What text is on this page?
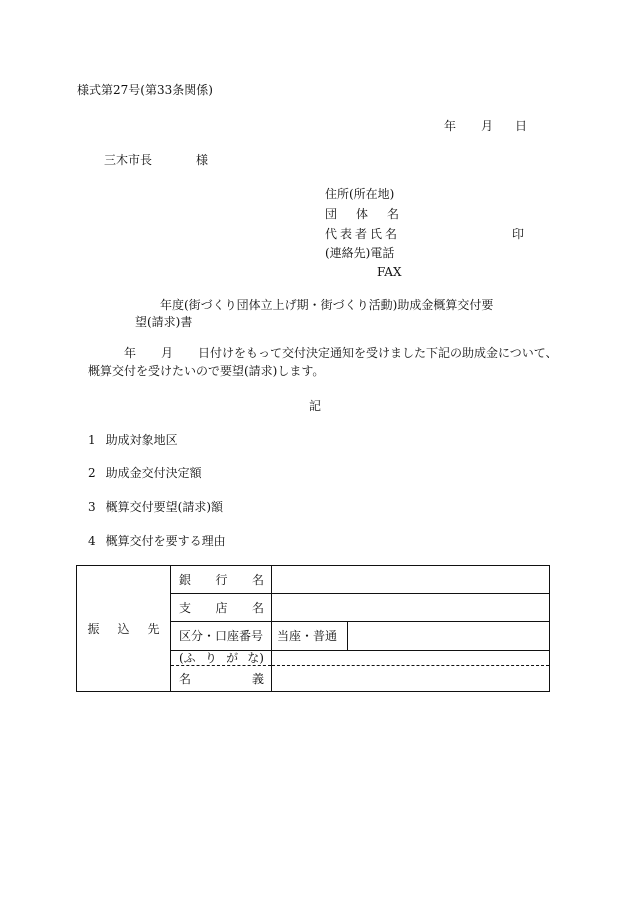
様式第27号(第33条関係)
年 月 日
三木市長	様
住所(所在地)
団 体 名
代表者氏名	印
(連絡先)電話
FAX
年度(街づくり団体立上げ期・街づくり活動)助成金概算交付要
望(請求)書
年 月 日付けをもって交付決定通知を受けました下記の助成金について、
概算交付を受けたいので要望(請求)します。
記
1 助成対象地区
2 助成金交付決定額
3 概算交付要望(請求)額
4 概算交付を要する理由
振 込 先	銀 行 名	

	支 店 名	

	区分・口座番号	当座・普通

	(ふ り が な)	

	名 義	
